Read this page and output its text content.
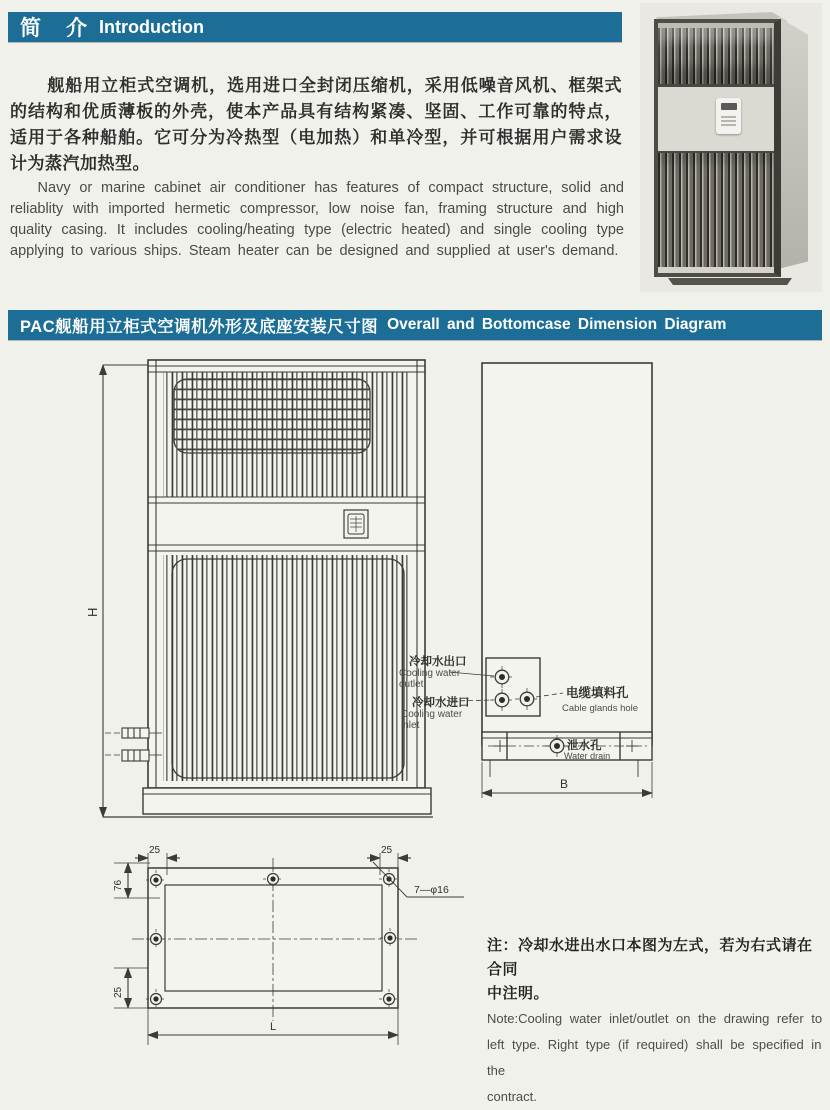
简　介 Introduction

舰船用立柜式空调机，选用进口全封闭压缩机，采用低噪音风机、框架式的结构和优质薄板的外壳，使本产品具有结构紧凑、坚固、工作可靠的特点，适用于各种船舶。它可分为冷热型（电加热）和单冷型，并可根据用户需求设计为蒸汽加热型。

Navy or marine cabinet air conditioner has features of compact structure, solid and reliablity with imported hermetic compressor, low noise fan, framing structure and high quality casing. It includes cooling/heating type (electric heated) and single cooling type applying to various ships. Steam heater can be designed and supplied at user's demand.

PAC舰船用立柜式空调机外形及底座安装尺寸图 Overall and Bottomcase Dimension Diagram
H
B
冷却水出口
Cooling water
outlet
冷却水进口
Cooling water
inlet
电缆填料孔
Cable glands hole
泄水孔
Water drain
25	25
76
25
7—φ16
L
注：冷却水进出水口本图为左式，若为右式请在合同
中注明。
Note:Cooling water inlet/outlet on the drawing refer to
left type. Right type (if required) shall be specified in the
contract.
